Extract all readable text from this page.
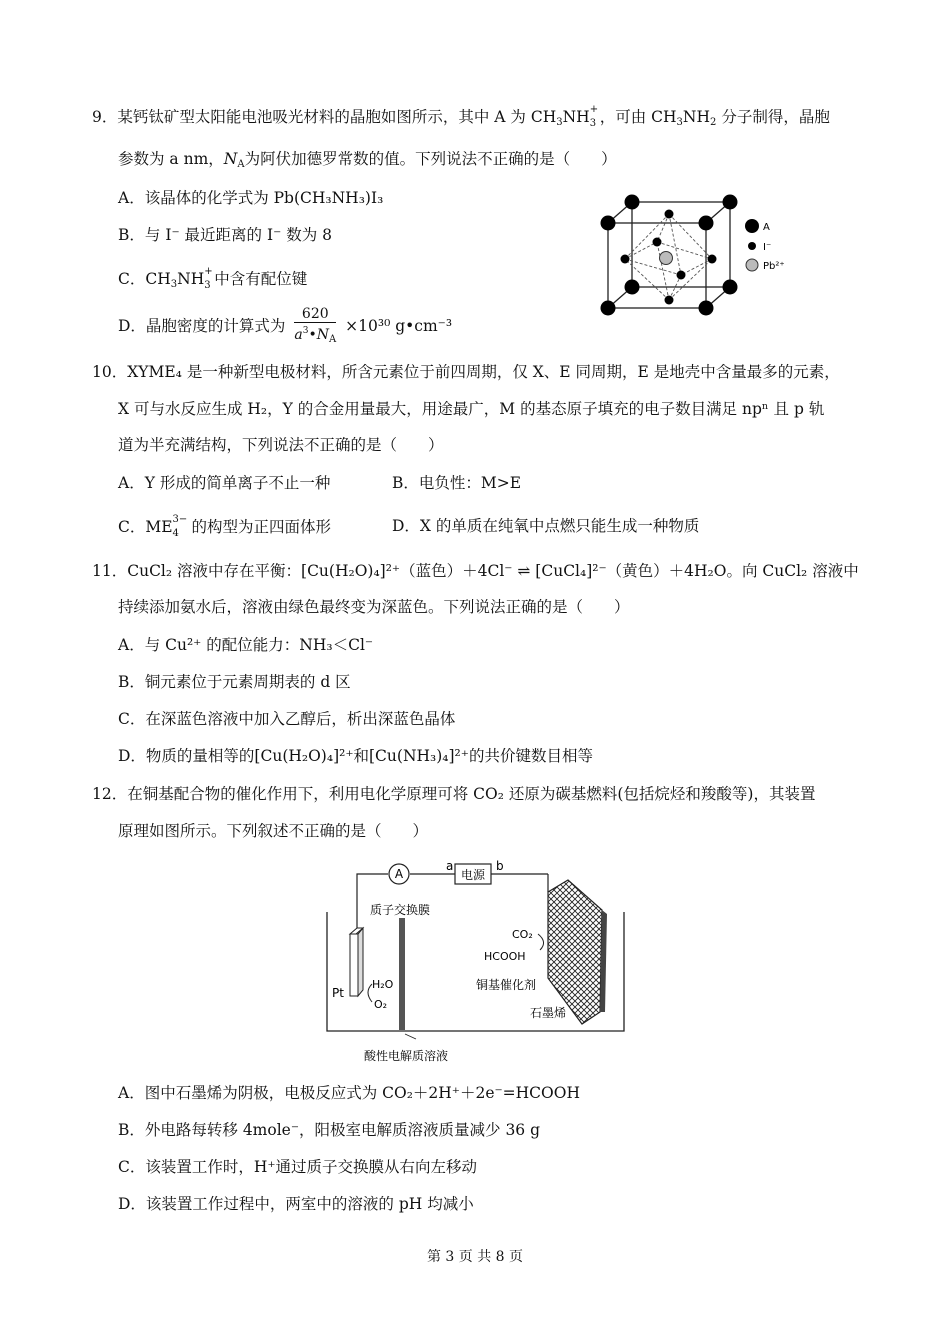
9．某钙钛矿型太阳能电池吸光材料的晶胞如图所示，其中 A 为 $CH_3NH$ +
3 ，可由 $CH_3NH_2$ 分子制得，晶胞
参数为 a nm，$N_A$为阿伏加德罗常数的值。下列说法不正确的是（　　）
A．该晶体的化学式为 Pb(CH₃NH₃)I₃
B．与 I⁻ 最近距离的 I⁻ 数为 8
C．$CH_3NH$ +
3 中含有配位键
D．晶胞密度的计算式为 $\frac{620}{a^3•N_A} \times 10^{30}$ g•cm⁻³
A
I⁻
Pb²⁺
10．XYME₄ 是一种新型电极材料，所含元素位于前四周期，仅 X、E 同周期，E 是地壳中含量最多的元素，
X 可与水反应生成 H₂，Y 的合金用量最大，用途最广，M 的基态原子填充的电子数目满足 npⁿ 且 p 轨
道为半充满结构，下列说法不正确的是（　　）
A．Y 形成的简单离子不止一种	B．电负性：M>E
C．ME 3−
4 的构型为正四面体形	D．X 的单质在纯氧中点燃只能生成一种物质
11．CuCl₂ 溶液中存在平衡：[Cu(H₂O)₄]²⁺（蓝色）＋4Cl⁻ ⇌ [CuCl₄]²⁻（黄色）＋4H₂O。向 CuCl₂ 溶液中
持续添加氨水后，溶液由绿色最终变为深蓝色。下列说法正确的是（　　）
A．与 Cu²⁺ 的配位能力：NH₃＜Cl⁻
B．铜元素位于元素周期表的 d 区
C．在深蓝色溶液中加入乙醇后，析出深蓝色晶体
D．物质的量相等的[Cu(H₂O)₄]²⁺和[Cu(NH₃)₄]²⁺的共价键数目相等
12．在铜基配合物的催化作用下，利用电化学原理可将 CO₂ 还原为碳基燃料(包括烷烃和羧酸等)，其装置
原理如图所示。下列叙述不正确的是（　　）
A	电源
a	b
Pt
H₂O
O₂
质子交换膜
CO₂
HCOOH
铜基催化剂
石墨烯
酸性电解质溶液
A．图中石墨烯为阴极，电极反应式为 CO₂＋2H⁺＋2e⁻=HCOOH
B．外电路每转移 4mole⁻，阳极室电解质溶液质量减少 36 g
C．该装置工作时，H⁺通过质子交换膜从右向左移动
D．该装置工作过程中，两室中的溶液的 pH 均减小
第 3 页 共 8 页
